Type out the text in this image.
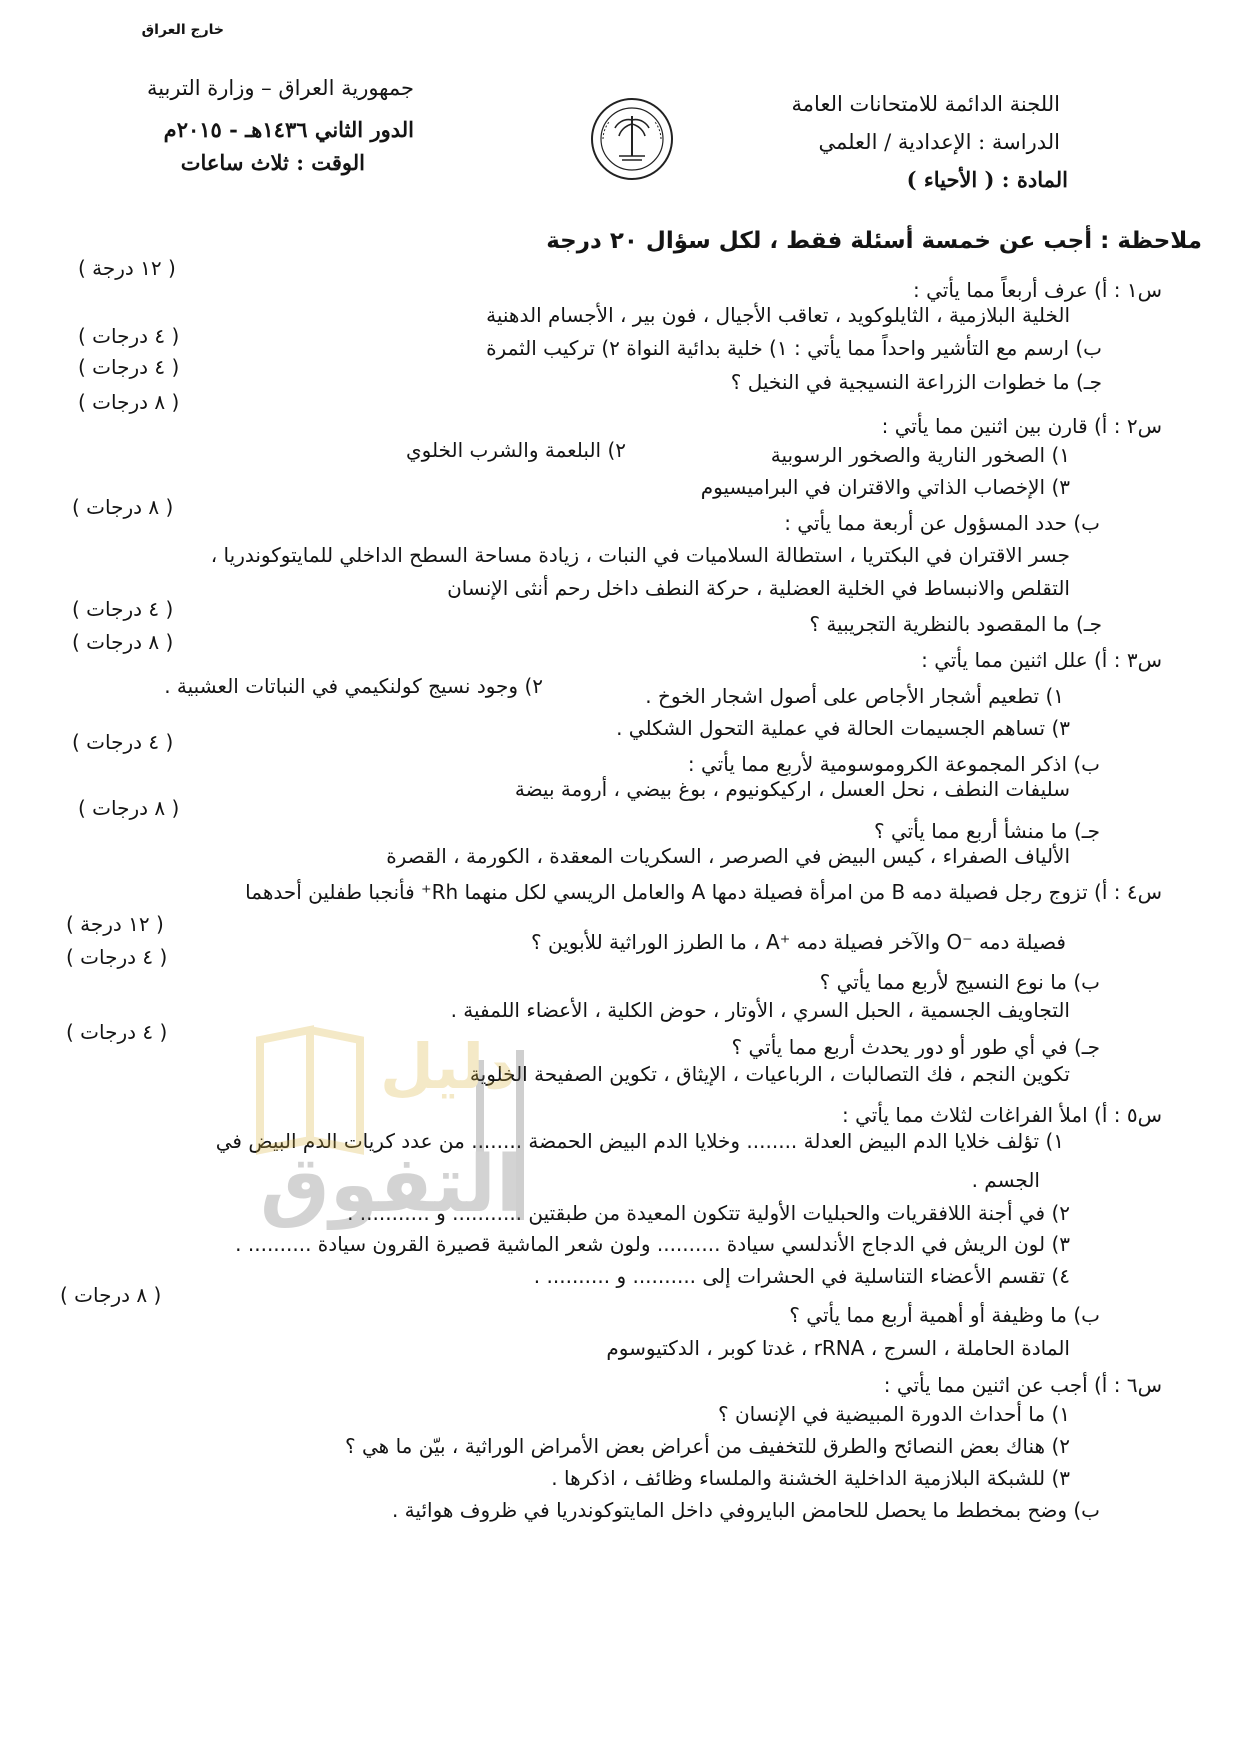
خارج العراق
اللجنة الدائمة للامتحانات العامة
الدراسة : الإعدادية / العلمي
المادة : ( الأحياء )
جمهورية العراق – وزارة التربية
الدور الثاني ١٤٣٦هـ - ٢٠١٥م
الوقت : ثلاث ساعات
ملاحظة : أجب عن خمسة أسئلة فقط ، لكل سؤال ٢٠ درجة
( ١٢ درجة )
س١ : أ) عرف أربعاً مما يأتي :
الخلية البلازمية ، الثايلوكويد ، تعاقب الأجيال ، فون بير ، الأجسام الدهنية
( ٤ درجات )	ب) ارسم مع التأشير واحداً مما يأتي : ١) خلية بدائية النواة ٢) تركيب الثمرة
( ٤ درجات )
جـ) ما خطوات الزراعة النسيجية في النخيل ؟
( ٨ درجات )
س٢ : أ) قارن بين اثنين مما يأتي :
١) الصخور النارية والصخور الرسوبية
٢) البلعمة والشرب الخلوي
٣) الإخصاب الذاتي والاقتران في البراميسيوم
( ٨ درجات )
ب) حدد المسؤول عن أربعة مما يأتي :
جسر الاقتران في البكتريا ، استطالة السلاميات في النبات ، زيادة مساحة السطح الداخلي للمايتوكوندريا ،
التقلص والانبساط في الخلية العضلية ، حركة النطف داخل رحم أنثى الإنسان
( ٤ درجات )
جـ) ما المقصود بالنظرية التجريبية ؟
( ٨ درجات )
س٣ : أ) علل اثنين مما يأتي :
١) تطعيم أشجار الأجاص على أصول اشجار الخوخ .
٢) وجود نسيج كولنكيمي في النباتات العشبية .
٣) تساهم الجسيمات الحالة في عملية التحول الشكلي .
( ٤ درجات )
ب) اذكر المجموعة الكروموسومية لأربع مما يأتي :
سليفات النطف ، نحل العسل ، اركيكونيوم ، بوغ بيضي ، أرومة بيضة
( ٨ درجات )
جـ) ما منشأ أربع مما يأتي ؟
الألياف الصفراء ، كيس البيض في الصرصر ، السكريات المعقدة ، الكورمة ، القصرة
س٤ : أ) تزوج رجل فصيلة دمه B من امرأة فصيلة دمها A والعامل الريسي لكل منهما Rh⁺ فأنجبا طفلين أحدهما
( ١٢ درجة )
فصيلة دمه ⁻O والآخر فصيلة دمه ⁺A ، ما الطرز الوراثية للأبوين ؟
( ٤ درجات )
ب) ما نوع النسيج لأربع مما يأتي ؟
التجاويف الجسمية ، الحبل السري ، الأوتار ، حوض الكلية ، الأعضاء اللمفية .
( ٤ درجات )
جـ) في أي طور أو دور يحدث أربع مما يأتي ؟
تكوين النجم ، فك التصالبات ، الرباعيات ، الإيثاق ، تكوين الصفيحة الخلوية
س٥ : أ) املأ الفراغات لثلاث مما يأتي :
١) تؤلف خلايا الدم البيض العدلة ........ وخلايا الدم البيض الحمضة ........ من عدد كريات الدم البيض في
الجسم .
٢) في أجنة اللافقريات والحبليات الأولية تتكون المعيدة من طبقتين ........... و ........... .
٣) لون الريش في الدجاج الأندلسي سيادة .......... ولون شعر الماشية قصيرة القرون سيادة .......... .
٤) تقسم الأعضاء التناسلية في الحشرات إلى .......... و .......... .
( ٨ درجات )
ب) ما وظيفة أو أهمية أربع مما يأتي ؟
المادة الحاملة ، السرج ، rRNA ، غدتا كوبر ، الدكتيوسوم
س٦ : أ) أجب عن اثنين مما يأتي :
١) ما أحداث الدورة المبيضية في الإنسان ؟
٢) هناك بعض النصائح والطرق للتخفيف من أعراض بعض الأمراض الوراثية ، بيّن ما هي ؟
٣) للشبكة البلازمية الداخلية الخشنة والملساء وظائف ، اذكرها .
ب) وضح بمخطط ما يحصل للحامض البايروفي داخل المايتوكوندريا في ظروف هوائية .
دليل
التفوق
